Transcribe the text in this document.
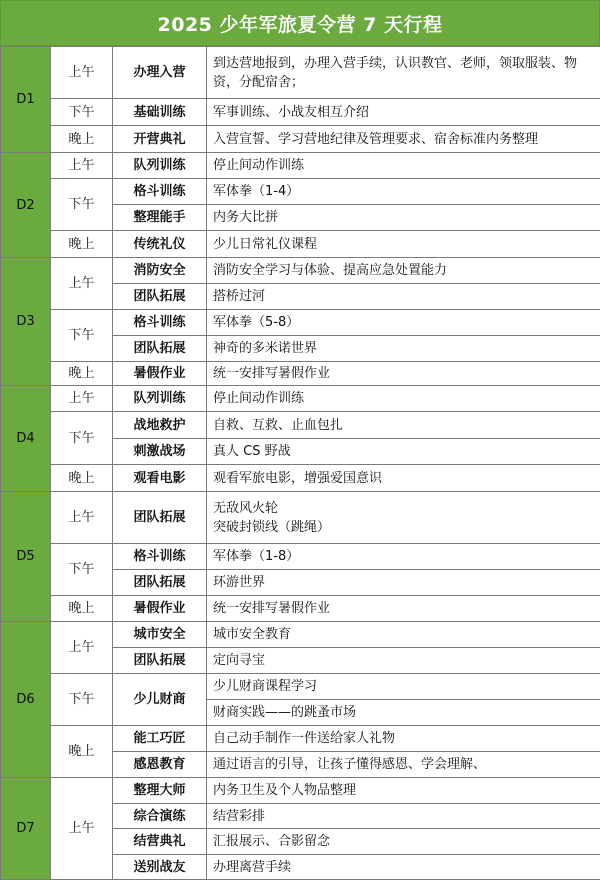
2025 少年军旅夏令营 7 天行程
D1	上午	办理入营	到达营地报到，办理入营手续，认识教官、老师，领取服装、物资，分配宿舍；
	下午	基础训练	军事训练、小战友相互介绍
	晚上	开营典礼	入营宣誓、学习营地纪律及管理要求、宿舍标准内务整理
D2	上午	队列训练	停止间动作训练
	下午	格斗训练	军体拳（1-4）
		整理能手	内务大比拼
	晚上	传统礼仪	少儿日常礼仪课程
D3	上午	消防安全	消防安全学习与体验、提高应急处置能力
		团队拓展	搭桥过河
	下午	格斗训练	军体拳（5-8）
		团队拓展	神奇的多米诺世界
	晚上	暑假作业	统一安排写暑假作业
D4	上午	队列训练	停止间动作训练
	下午	战地救护	自救、互救、止血包扎
		刺激战场	真人 CS 野战
	晚上	观看电影	观看军旅电影，增强爱国意识
D5	上午	团队拓展	无敌风火轮
突破封锁线（跳绳）

	下午	格斗训练	军体拳（1-8）
		团队拓展	环游世界
	晚上	暑假作业	统一安排写暑假作业
D6	上午	城市安全	城市安全教育
		团队拓展	定向寻宝
	下午	少儿财商	少儿财商课程学习
			财商实践——的跳蚤市场
	晚上	能工巧匠	自己动手制作一件送给家人礼物
		感恩教育	通过语言的引导，让孩子懂得感恩、学会理解、
D7	上午	整理大师	内务卫生及个人物品整理
		综合演练	结营彩排
		结营典礼	汇报展示、合影留念
		送别战友	办理离营手续
